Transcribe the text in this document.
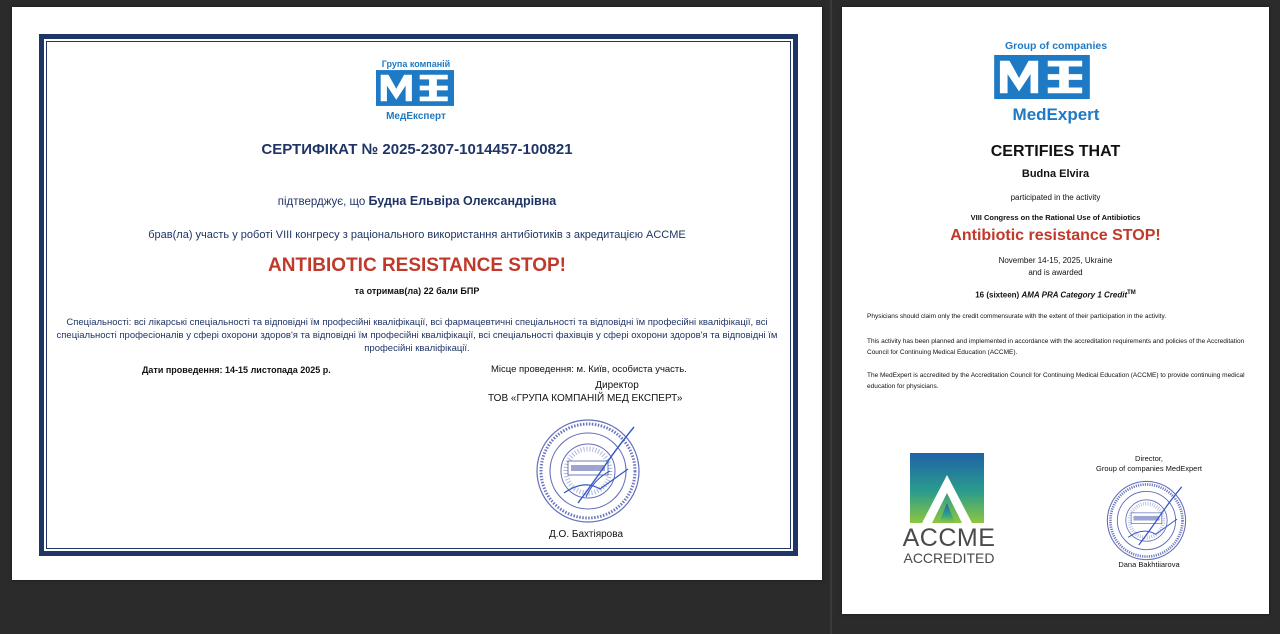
Група компаній
МедЕксперт
СЕРТИФІКАТ № 2025-2307-1014457-100821
підтверджує, що Будна Ельвіра Олександрівна
брав(ла) участь у роботі VIII конгресу з раціонального використання антибіотиків з акредитацією ACCME
ANTIBIOTIC RESISTANCE STOP!
та отримав(ла) 22 бали БПР
Спеціальності: всі лікарські спеціальності та відповідні їм професійні кваліфікації, всі фармацевтичні спеціальності та відповідні їм професійні кваліфікації, всі спеціальності професіоналів у сфері охорони здоров'я та відповідні їм професійні кваліфікації, всі спеціальності фахівців у сфері охорони здоров'я та відповідні їм професійні кваліфікації.
Дати проведення: 14-15 листопада 2025 р.	Місце проведення: м. Київ, особиста участь.
Директор
ТОВ «ГРУПА КОМПАНІЙ МЕД ЕКСПЕРТ»
Д.О. Бахтіярова
Group of companies
MedExpert
CERTIFIES THAT
Budna Elvira
participated in the activity
VIII Congress on the Rational Use of Antibiotics
Antibiotic resistance STOP!
November 14-15, 2025, Ukraine
and is awarded
16 (sixteen) AMA PRA Category 1 Credit™
Physicians should claim only the credit commensurate with the extent of their participation in the activity.
This activity has been planned and implemented in accordance with the accreditation requirements and policies of the Accreditation Council for Continuing Medical Education (ACCME).
The MedExpert is accredited by the Accreditation Council for Continuing Medical Education (ACCME) to provide continuing medical education for physicians.
ACCME
ACCREDITED
Director,
Group of companies MedExpert
Dana Bakhtiiarova
